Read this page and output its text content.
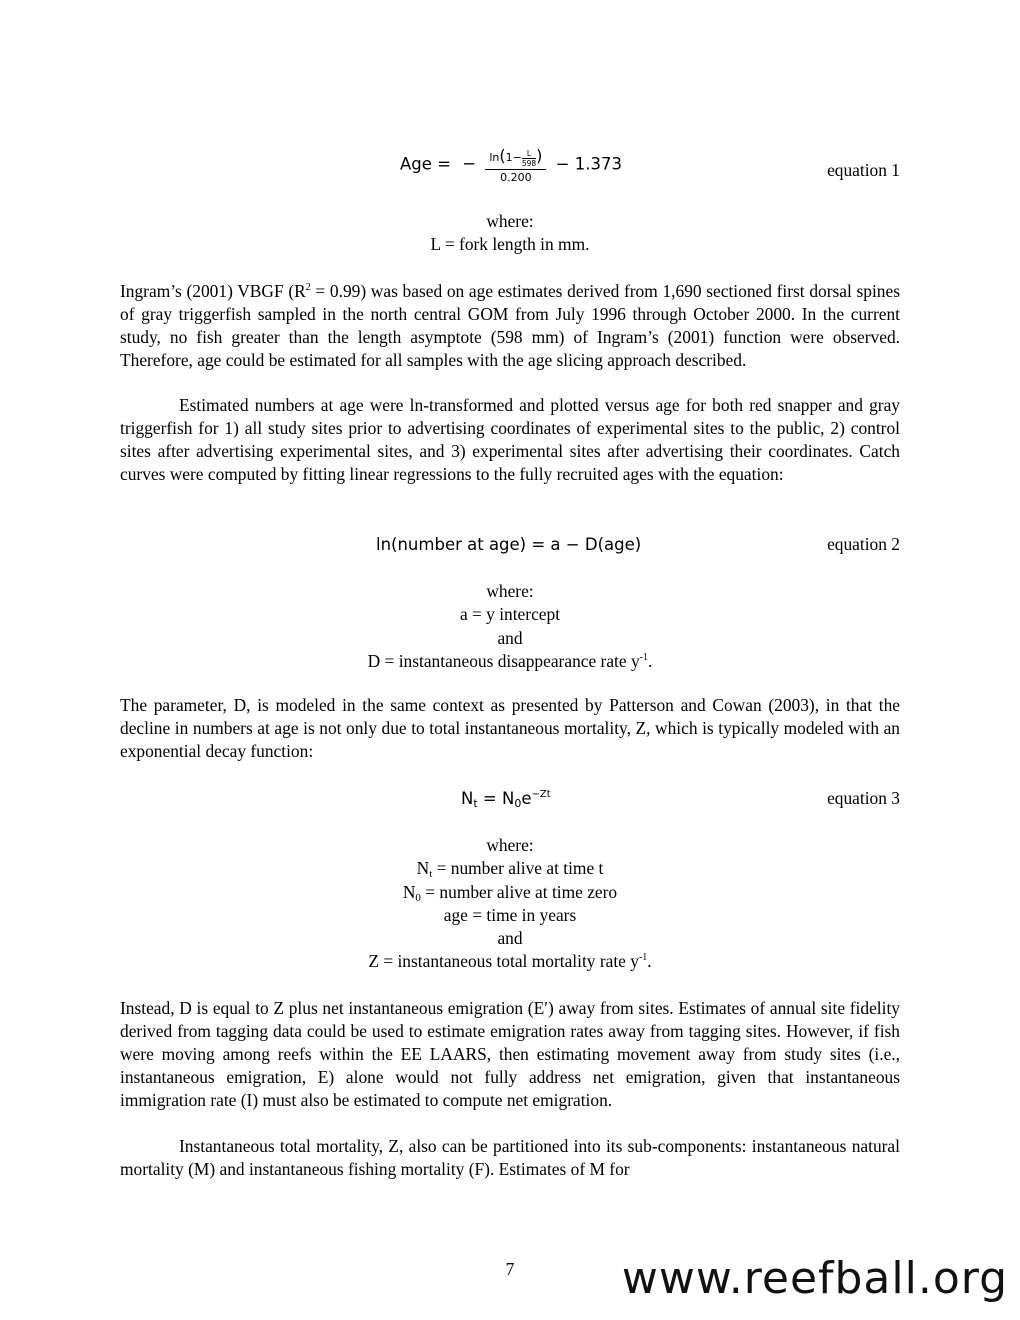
Age = − $\frac{\ln(1- \frac{L}{598} )}{0.200} - 1.373$	equation 1
where:
L = fork length in mm.
Ingram’s (2001) VBGF $(R^2 = 0.99)$ was based on age estimates derived from 1,690 sectioned first dorsal spines of gray triggerfish sampled in the north central GOM from July 1996 through October 2000. In the current study, no fish greater than the length asymptote (598 mm) of Ingram’s (2001) function were observed. Therefore, age could be estimated for all samples with the age slicing approach described.
Estimated numbers at age were ln-transformed and plotted versus age for both red snapper and gray triggerfish for 1) all study sites prior to advertising coordinates of experimental sites to the public, 2) control sites after advertising experimental sites, and 3) experimental sites after advertising their coordinates. Catch curves were computed by fitting linear regressions to the fully recruited ages with the equation:
ln(number at age) = a − D(age)	equation 2
where:
a = y intercept
and
D = instantaneous disappearance rate $y^{-1}$.
The parameter, D, is modeled in the same context as presented by Patterson and Cowan (2003), in that the decline in numbers at age is not only due to total instantaneous mortality, Z, which is typically modeled with an exponential decay function:
$N_t = N_0e^{-Zt}$	equation 3
where:
$N_t$ = number alive at time t
$N_0$ = number alive at time zero
age = time in years
and
Z = instantaneous total mortality rate $y^{-1}$.
Instead, D is equal to Z plus net instantaneous emigration (E′) away from sites. Estimates of annual site fidelity derived from tagging data could be used to estimate emigration rates away from tagging sites. However, if fish were moving among reefs within the EE LAARS, then estimating movement away from study sites (i.e., instantaneous emigration, E) alone would not fully address net emigration, given that instantaneous immigration rate (I) must also be estimated to compute net emigration.
Instantaneous total mortality, Z, also can be partitioned into its sub-components: instantaneous natural mortality (M) and instantaneous fishing mortality (F). Estimates of M for
7	www.reefball.org
